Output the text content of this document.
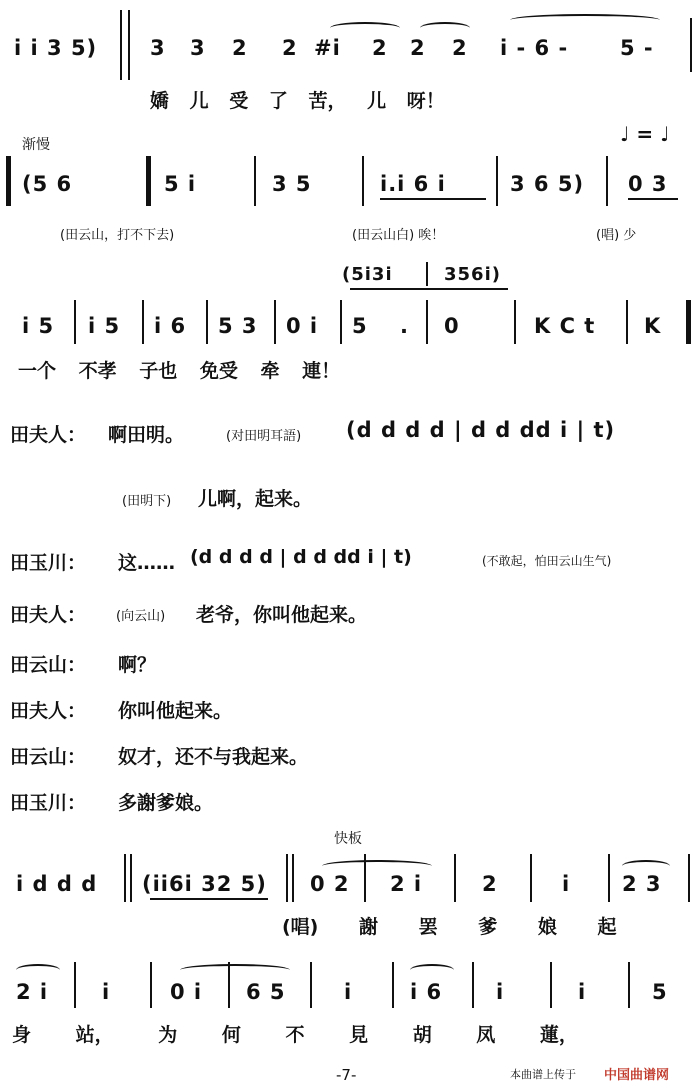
i i 3 5)	3 3 2 2 #i 2 2 2 i - 6 - 5 -
嬌 儿 受 了 苦， 儿 呀！
渐慢	♩ = ♩
(5 6	5 i	3 5	i.i 6 i	3 6 5) 0 3
(田云山，打不下去)	(田云山白) 唉！	(唱) 少
(5i3i	356i)
i 5 i 5 i 6 5 3 0 i 5 . 0	K C t K
一个 不孝 子也 免受 牵 連！
田夫人： 啊田明。	(对田明耳語) (d d d d | d d dd i | t)
(田明下) 儿啊，起来。
田玉川： 这…… (d d d d | d d dd i | t)	(不敢起，怕田云山生气)
田夫人： (向云山) 老爷，你叫他起来。
田云山： 啊？
田夫人： 你叫他起来。
田云山： 奴才，还不与我起来。
田玉川： 多謝爹娘。
快板
i d d d (ii6i 32 5) 0 2 2 i	2	i 2 3
(唱) 謝 罢 爹 娘 起
2 i	i	0 i 6 5	i	i 6	i	i	5
身 站， 为 何 不 見 胡 凤 蓮，
-7-	本曲谱上传于 中国曲谱网
